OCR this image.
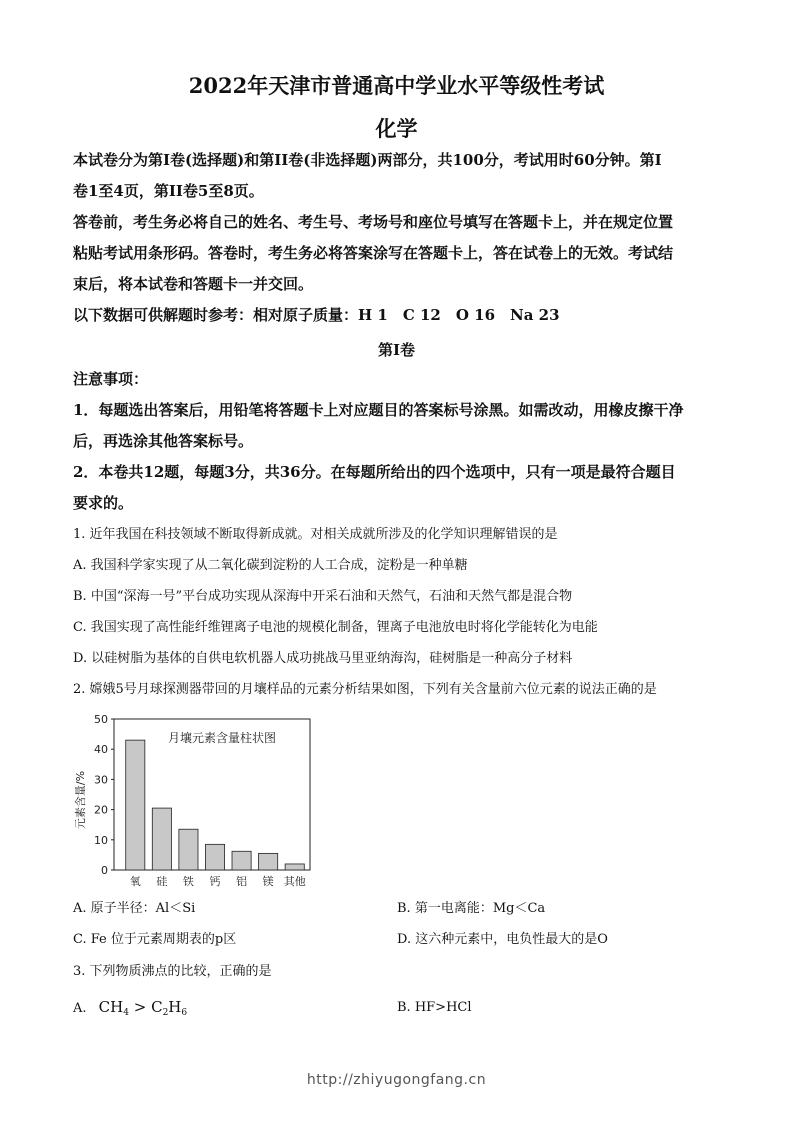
2022年天津市普通高中学业水平等级性考试
化学
本试卷分为第I卷(选择题)和第II卷(非选择题)两部分，共100分，考试用时60分钟。第I
卷1至4页，第II卷5至8页。
答卷前，考生务必将自己的姓名、考生号、考场号和座位号填写在答题卡上，并在规定位置
粘贴考试用条形码。答卷时，考生务必将答案涂写在答题卡上，答在试卷上的无效。考试结
束后，将本试卷和答题卡一并交回。
以下数据可供解题时参考：相对原子质量：H 1　C 12　O 16　Na 23
第I卷
注意事项：
1．每题选出答案后，用铅笔将答题卡上对应题目的答案标号涂黑。如需改动，用橡皮擦干净
后，再选涂其他答案标号。
2．本卷共12题，每题3分，共36分。在每题所给出的四个选项中，只有一项是最符合题目
要求的。
1. 近年我国在科技领域不断取得新成就。对相关成就所涉及的化学知识理解错误的是
A. 我国科学家实现了从二氧化碳到淀粉的人工合成，淀粉是一种单糖
B. 中国“深海一号”平台成功实现从深海中开采石油和天然气，石油和天然气都是混合物
C. 我国实现了高性能纤维锂离子电池的规模化制备，锂离子电池放电时将化学能转化为电能
D. 以硅树脂为基体的自供电软机器人成功挑战马里亚纳海沟，硅树脂是一种高分子材料
2. 嫦娥5号月球探测器带回的月壤样品的元素分析结果如图，下列有关含量前六位元素的说法正确的是
0
10
20
30
40
50
氧 硅 铁 钙 铝 镁 其他
月壤元素含量柱状图
元素含量/%
A. 原子半径：Al＜Si	B. 第一电离能：Mg＜Ca
C. Fe 位于元素周期表的p区	D. 这六种元素中，电负性最大的是O
3. 下列物质沸点的比较，正确的是
A. $CH_4 > C_2H_6$	B. HF>HCl
http://zhiyugongfang.cn
